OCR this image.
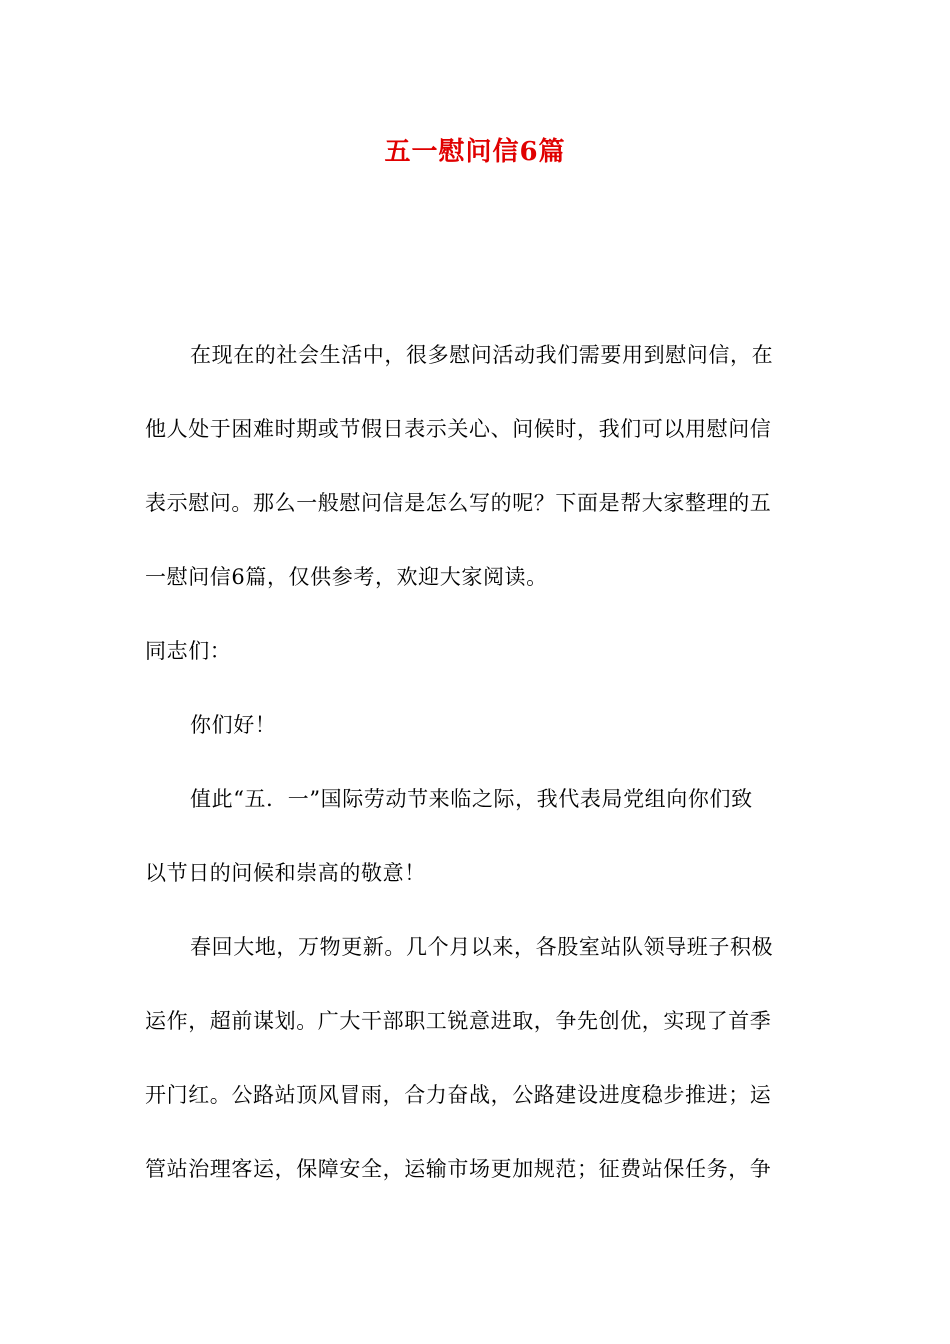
五一慰问信6篇
在现在的社会生活中，很多慰问活动我们需要用到慰问信，在
他人处于困难时期或节假日表示关心、问候时，我们可以用慰问信
表示慰问。那么一般慰问信是怎么写的呢？下面是帮大家整理的五
一慰问信6篇，仅供参考，欢迎大家阅读。
同志们：
你们好！
值此“五．一”国际劳动节来临之际，我代表局党组向你们致
以节日的问候和崇高的敬意！
春回大地，万物更新。几个月以来，各股室站队领导班子积极
运作，超前谋划。广大干部职工锐意进取，争先创优，实现了首季
开门红。公路站顶风冒雨，合力奋战，公路建设进度稳步推进；运
管站治理客运，保障安全，运输市场更加规范；征费站保任务，争
